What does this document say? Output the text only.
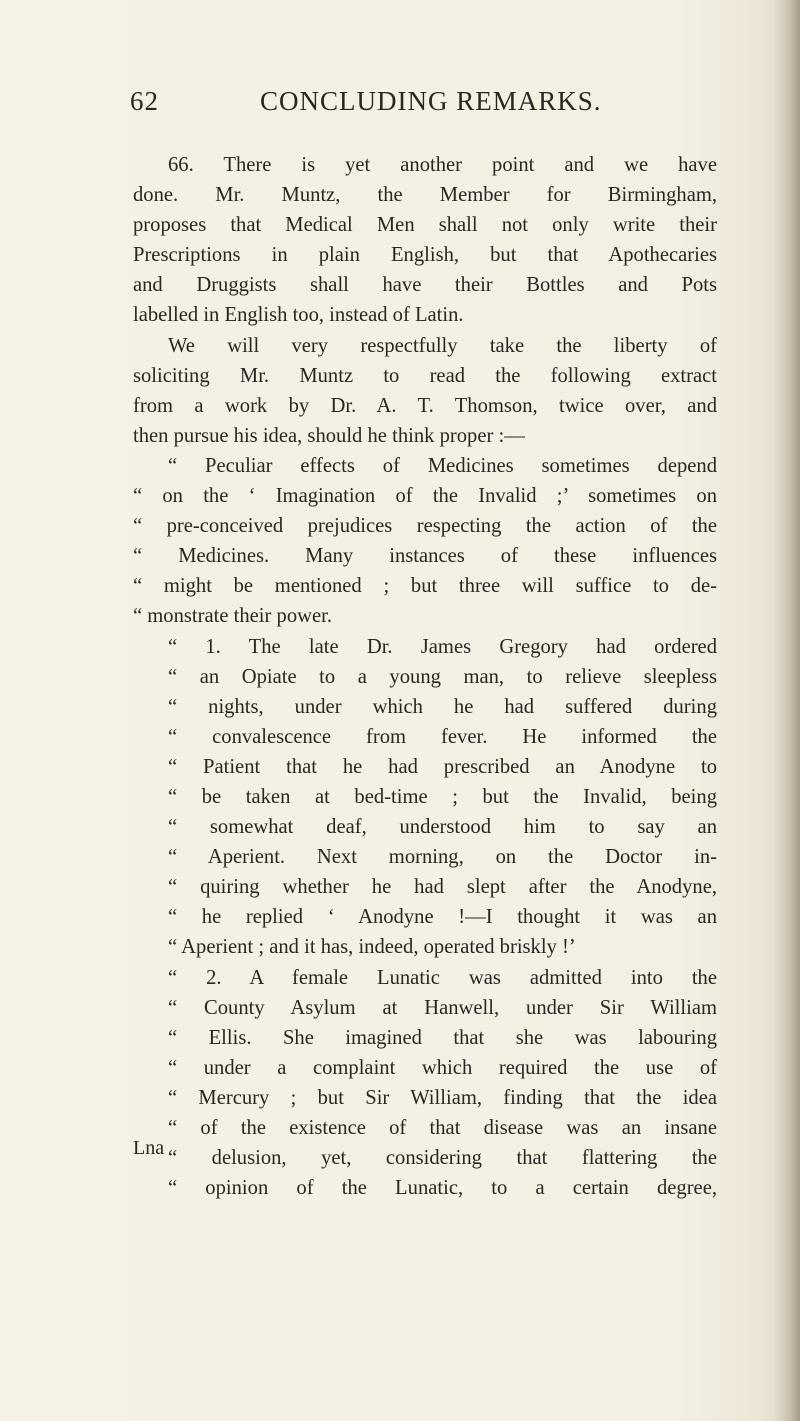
62	CONCLUDING REMARKS.
Lna
66. There is yet another point and we have
done. Mr. Muntz, the Member for Birmingham,
proposes that Medical Men shall not only write their
Prescriptions in plain English, but that Apothecaries
and Druggists shall have their Bottles and Pots
labelled in English too, instead of Latin.
We will very respectfully take the liberty of
soliciting Mr. Muntz to read the following extract
from a work by Dr. A. T. Thomson, twice over, and
then pursue his idea, should he think proper :—
“ Peculiar effects of Medicines sometimes depend
“ on the ‘ Imagination of the Invalid ;’ sometimes on
“ pre-conceived prejudices respecting the action of the
“ Medicines. Many instances of these influences
“ might be mentioned ; but three will suffice to de-
“ monstrate their power.
“ 1. The late Dr. James Gregory had ordered
“ an Opiate to a young man, to relieve sleepless
“ nights, under which he had suffered during
“ convalescence from fever. He informed the
“ Patient that he had prescribed an Anodyne to
“ be taken at bed-time ; but the Invalid, being
“ somewhat deaf, understood him to say an
“ Aperient. Next morning, on the Doctor in-
“ quiring whether he had slept after the Anodyne,
“ he replied ‘ Anodyne !—I thought it was an
“ Aperient ; and it has, indeed, operated briskly !’
“ 2. A female Lunatic was admitted into the
“ County Asylum at Hanwell, under Sir William
“ Ellis. She imagined that she was labouring
“ under a complaint which required the use of
“ Mercury ; but Sir William, finding that the idea
“ of the existence of that disease was an insane
“ delusion, yet, considering that flattering the
“ opinion of the Lunatic, to a certain degree,
